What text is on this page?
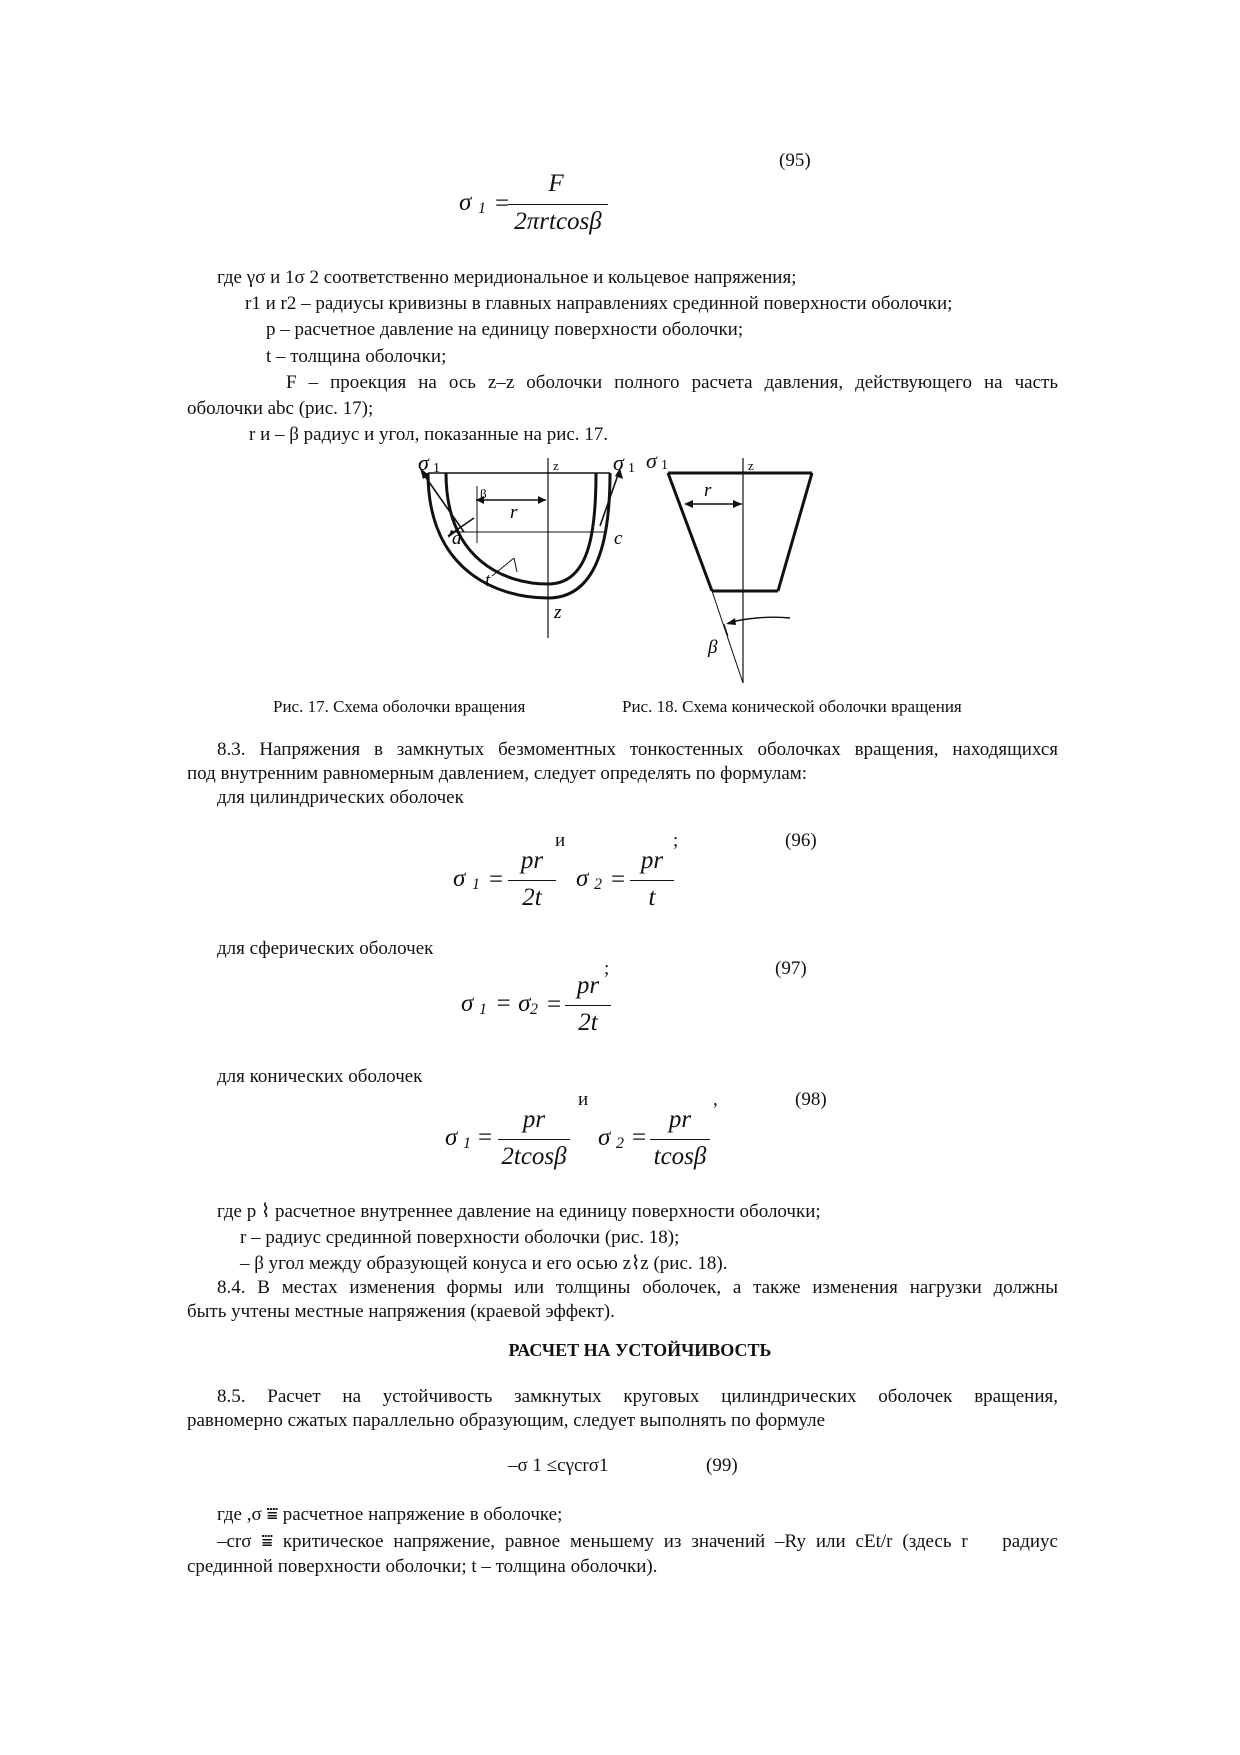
(95)
σ 1 =
F
2πrtcosβ
где γσ и 1σ 2 соответственно меридиональное и кольцевое напряжения;
r1 и r2 – радиусы кривизны в главных направлениях срединной поверхности оболочки;
p – расчетное давление на единицу поверхности оболочки;
t – толщина оболочки;
F – проекция на ось z–z оболочки полного расчета давления, действующего на часть
оболочки abc (рис. 17);
r и – β радиус и угол, показанные на рис. 17.
σ 1	z
β
r
a	c
t
z
σ 1
β
r
z
σ 1
Рис. 17. Схема оболочки вращения	Рис. 18. Схема конической оболочки вращения
8.3. Напряжения в замкнутых безмоментных тонкостенных оболочках вращения, находящихся
под внутренним равномерным давлением, следует определять по формулам:
для цилиндрических оболочек
и	;	(96)
σ 1 =
pr
2t
σ 2 =
pr
t
для сферических оболочек
;	(97)
σ 1 = σ 2 =
pr
2t
для конических оболочек
и	,	(98)
σ 1 =
pr
2tcosβ
σ 2 =
pr
tcosβ
где p ⌇ расчетное внутреннее давление на единицу поверхности оболочки;
r – радиус срединной поверхности оболочки (рис. 18);
– β угол между образующей конуса и его осью z⌇z (рис. 18).
8.4. В местах изменения формы или толщины оболочек, а также изменения нагрузки должны
быть учтены местные напряжения (краевой эффект).
РАСЧЕТ НА УСТОЙЧИВОСТЬ
8.5. Расчет на устойчивость замкнутых круговых цилиндрических оболочек вращения,
равномерно сжатых параллельно образующим, следует выполнять по формуле
–σ 1 ≤cγcrσ1	(99)
где ,σ ⩸ расчетное напряжение в оболочке;
–crσ ⩸ критическое напряжение, равное меньшему из значений –Ry или cEt/r (здесь r 󰀀 радиус
срединной поверхности оболочки; t – толщина оболочки).
